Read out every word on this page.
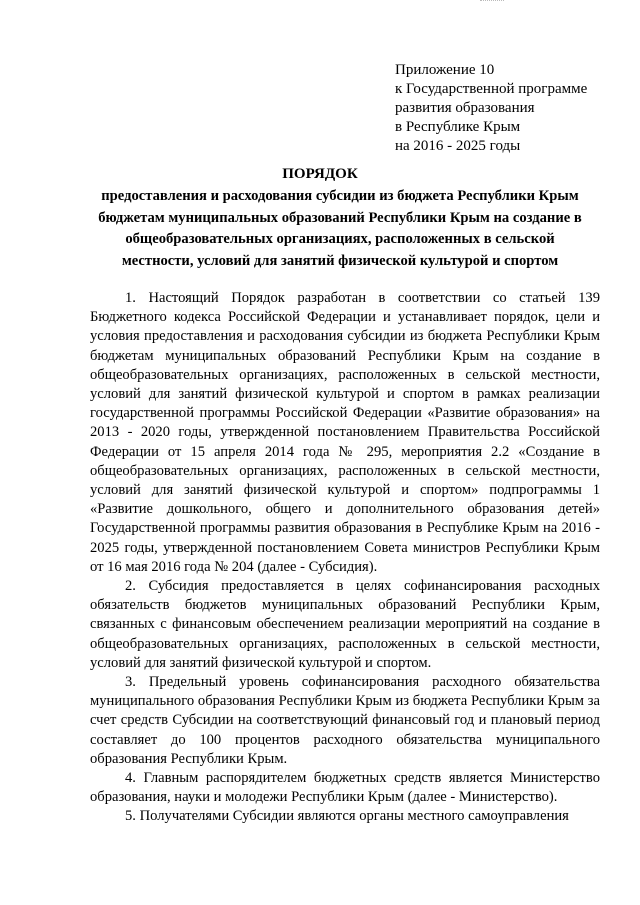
Приложение 10
к Государственной программе
развития образования
в Республике Крым
на 2016 - 2025 годы
ПОРЯДОК
предоставления и расходования субсидии из бюджета Республики Крым
бюджетам муниципальных образований Республики Крым на создание в
общеобразовательных организациях, расположенных в сельской
местности, условий для занятий физической культурой и спортом

1. Настоящий Порядок разработан в соответствии со статьей 139 Бюджетного кодекса Российской Федерации и устанавливает порядок, цели и условия предоставления и расходования субсидии из бюджета Республики Крым бюджетам муниципальных образований Республики Крым на создание в общеобразовательных организациях, расположенных в сельской местности, условий для занятий физической культурой и спортом в рамках реализации государственной программы Российской Федерации «Развитие образования» на 2013 - 2020 годы, утвержденной постановлением Правительства Российской Федерации от 15 апреля 2014 года № 295, мероприятия 2.2 «Создание в общеобразовательных организациях, расположенных в сельской местности, условий для занятий физической культурой и спортом» подпрограммы 1 «Развитие дошкольного, общего и дополнительного образования детей» Государственной программы развития образования в Республике Крым на 2016 - 2025 годы, утвержденной постановлением Совета министров Республики Крым от 16 мая 2016 года № 204 (далее - Субсидия).

2. Субсидия предоставляется в целях софинансирования расходных обязательств бюджетов муниципальных образований Республики Крым, связанных с финансовым обеспечением реализации мероприятий на создание в общеобразовательных организациях, расположенных в сельской местности, условий для занятий физической культурой и спортом.

3. Предельный уровень софинансирования расходного обязательства муниципального образования Республики Крым из бюджета Республики Крым за счет средств Субсидии на соответствующий финансовый год и плановый период составляет до 100 процентов расходного обязательства муниципального образования Республики Крым.

4. Главным распорядителем бюджетных средств является Министерство образования, науки и молодежи Республики Крым (далее - Министерство).

5. Получателями Субсидии являются органы местного самоуправления
